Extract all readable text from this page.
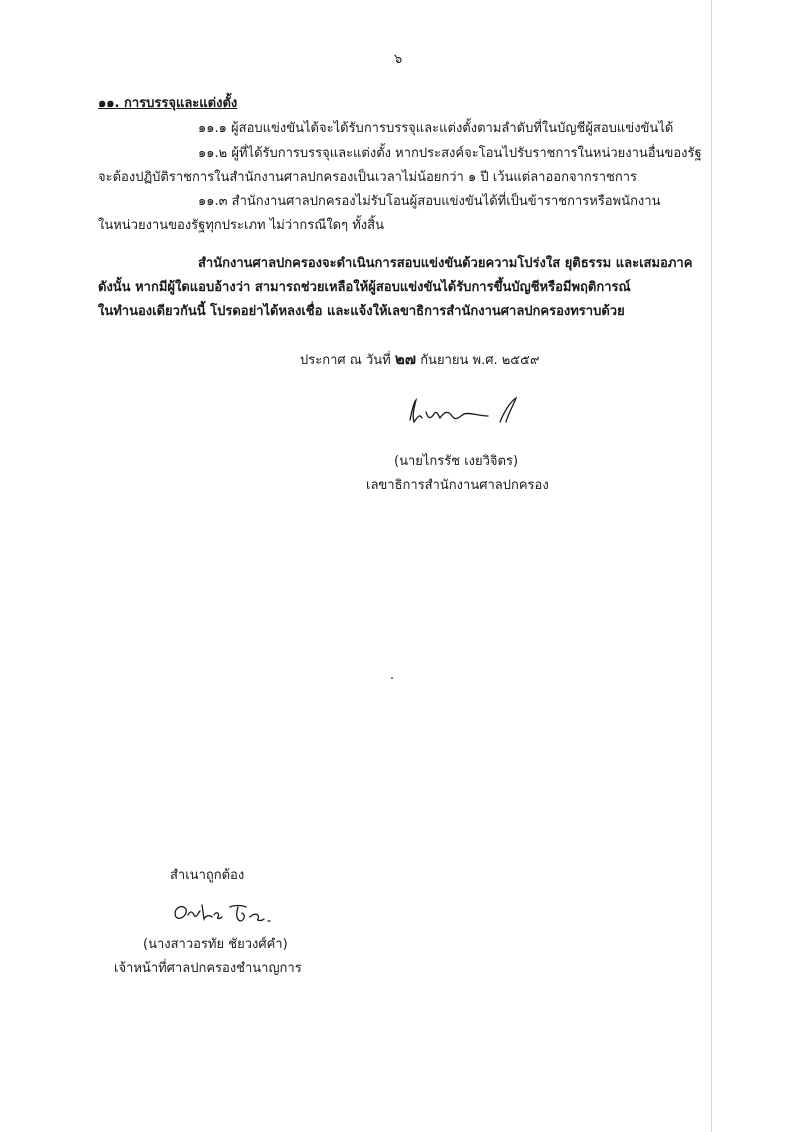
๖
๑๑. การบรรจุและแต่งตั้ง
๑๑.๑ ผู้สอบแข่งขันได้จะได้รับการบรรจุและแต่งตั้งตามลำดับที่ในบัญชีผู้สอบแข่งขันได้
๑๑.๒ ผู้ที่ได้รับการบรรจุและแต่งตั้ง หากประสงค์จะโอนไปรับราชการในหน่วยงานอื่นของรัฐ
จะต้องปฏิบัติราชการในสำนักงานศาลปกครองเป็นเวลาไม่น้อยกว่า ๑ ปี เว้นแต่ลาออกจากราชการ
๑๑.๓ สำนักงานศาลปกครองไม่รับโอนผู้สอบแข่งขันได้ที่เป็นข้าราชการหรือพนักงาน
ในหน่วยงานของรัฐทุกประเภท ไม่ว่ากรณีใดๆ ทั้งสิ้น
สำนักงานศาลปกครองจะดำเนินการสอบแข่งขันด้วยความโปร่งใส ยุติธรรม และเสมอภาค
ดังนั้น หากมีผู้ใดแอบอ้างว่า สามารถช่วยเหลือให้ผู้สอบแข่งขันได้รับการขึ้นบัญชีหรือมีพฤติการณ์
ในทำนองเดียวกันนี้ โปรดอย่าได้หลงเชื่อ และแจ้งให้เลขาธิการสำนักงานศาลปกครองทราบด้วย
ประกาศ ณ วันที่ ๒๗ กันยายน พ.ศ. ๒๕๕๙
(นายไกรรัช เงยวิจิตร)
เลขาธิการสำนักงานศาลปกครอง
สำเนาถูกต้อง
(นางสาวอรทัย ชัยวงศ์คำ)
เจ้าหน้าที่ศาลปกครองชำนาญการ
